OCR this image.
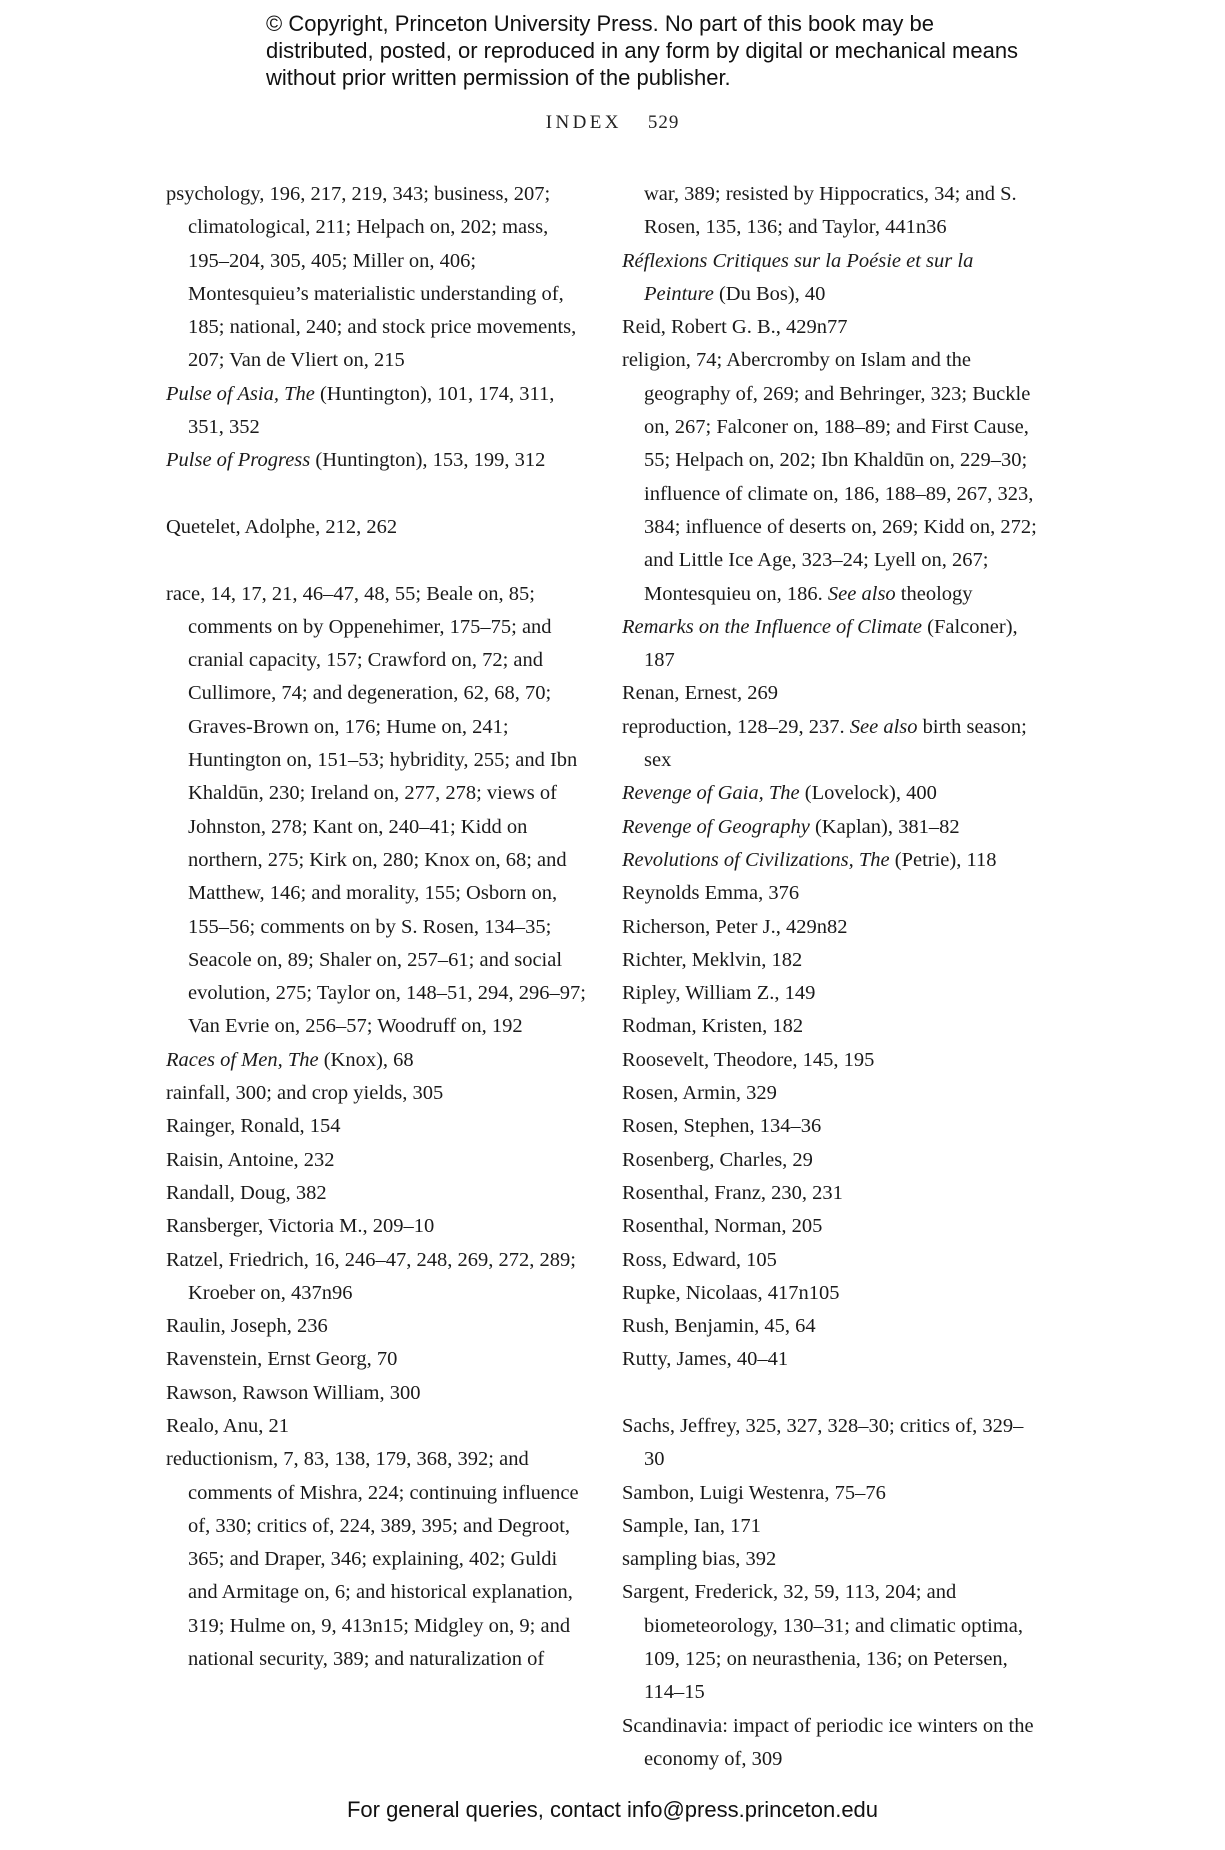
© Copyright, Princeton University Press. No part of this book may be distributed, posted, or reproduced in any form by digital or mechanical means without prior written permission of the publisher.
INDEX 529
psychology, 196, 217, 219, 343; business, 207; climatological, 211; Helpach on, 202; mass, 195–204, 305, 405; Miller on, 406; Montesquieu’s materialistic understanding of, 185; national, 240; and stock price movements, 207; Van de Vliert on, 215
Pulse of Asia, The (Huntington), 101, 174, 311, 351, 352
Pulse of Progress (Huntington), 153, 199, 312
Quetelet, Adolphe, 212, 262
race, 14, 17, 21, 46–47, 48, 55; Beale on, 85; comments on by Oppenehimer, 175–75; and cranial capacity, 157; Crawford on, 72; and Cullimore, 74; and degeneration, 62, 68, 70; Graves-Brown on, 176; Hume on, 241; Huntington on, 151–53; hybridity, 255; and Ibn Khaldūn, 230; Ireland on, 277, 278; views of Johnston, 278; Kant on, 240–41; Kidd on northern, 275; Kirk on, 280; Knox on, 68; and Matthew, 146; and morality, 155; Osborn on, 155–56; comments on by S. Rosen, 134–35; Seacole on, 89; Shaler on, 257–61; and social evolution, 275; Taylor on, 148–51, 294, 296–97; Van Evrie on, 256–57; Woodruff on, 192
Races of Men, The (Knox), 68
rainfall, 300; and crop yields, 305
Rainger, Ronald, 154
Raisin, Antoine, 232
Randall, Doug, 382
Ransberger, Victoria M., 209–10
Ratzel, Friedrich, 16, 246–47, 248, 269, 272, 289; Kroeber on, 437n96
Raulin, Joseph, 236
Ravenstein, Ernst Georg, 70
Rawson, Rawson William, 300
Realo, Anu, 21
reductionism, 7, 83, 138, 179, 368, 392; and comments of Mishra, 224; continuing influence of, 330; critics of, 224, 389, 395; and Degroot, 365; and Draper, 346; explaining, 402; Guldi and Armitage on, 6; and historical explanation, 319; Hulme on, 9, 413n15; Midgley on, 9; and national security, 389; and naturalization of
war, 389; resisted by Hippocratics, 34; and S. Rosen, 135, 136; and Taylor, 441n36
Réflexions Critiques sur la Poésie et sur la Peinture (Du Bos), 40
Reid, Robert G. B., 429n77
religion, 74; Abercromby on Islam and the geography of, 269; and Behringer, 323; Buckle on, 267; Falconer on, 188–89; and First Cause, 55; Helpach on, 202; Ibn Khaldūn on, 229–30; influence of climate on, 186, 188–89, 267, 323, 384; influence of deserts on, 269; Kidd on, 272; and Little Ice Age, 323–24; Lyell on, 267; Montesquieu on, 186. See also theology
Remarks on the Influence of Climate (Falconer), 187
Renan, Ernest, 269
reproduction, 128–29, 237. See also birth season; sex
Revenge of Gaia, The (Lovelock), 400
Revenge of Geography (Kaplan), 381–82
Revolutions of Civilizations, The (Petrie), 118
Reynolds Emma, 376
Richerson, Peter J., 429n82
Richter, Meklvin, 182
Ripley, William Z., 149
Rodman, Kristen, 182
Roosevelt, Theodore, 145, 195
Rosen, Armin, 329
Rosen, Stephen, 134–36
Rosenberg, Charles, 29
Rosenthal, Franz, 230, 231
Rosenthal, Norman, 205
Ross, Edward, 105
Rupke, Nicolaas, 417n105
Rush, Benjamin, 45, 64
Rutty, James, 40–41
Sachs, Jeffrey, 325, 327, 328–30; critics of, 329–30
Sambon, Luigi Westenra, 75–76
Sample, Ian, 171
sampling bias, 392
Sargent, Frederick, 32, 59, 113, 204; and biometeorology, 130–31; and climatic optima, 109, 125; on neurasthenia, 136; on Petersen, 114–15
Scandinavia: impact of periodic ice winters on the economy of, 309
For general queries, contact info@press.princeton.edu
